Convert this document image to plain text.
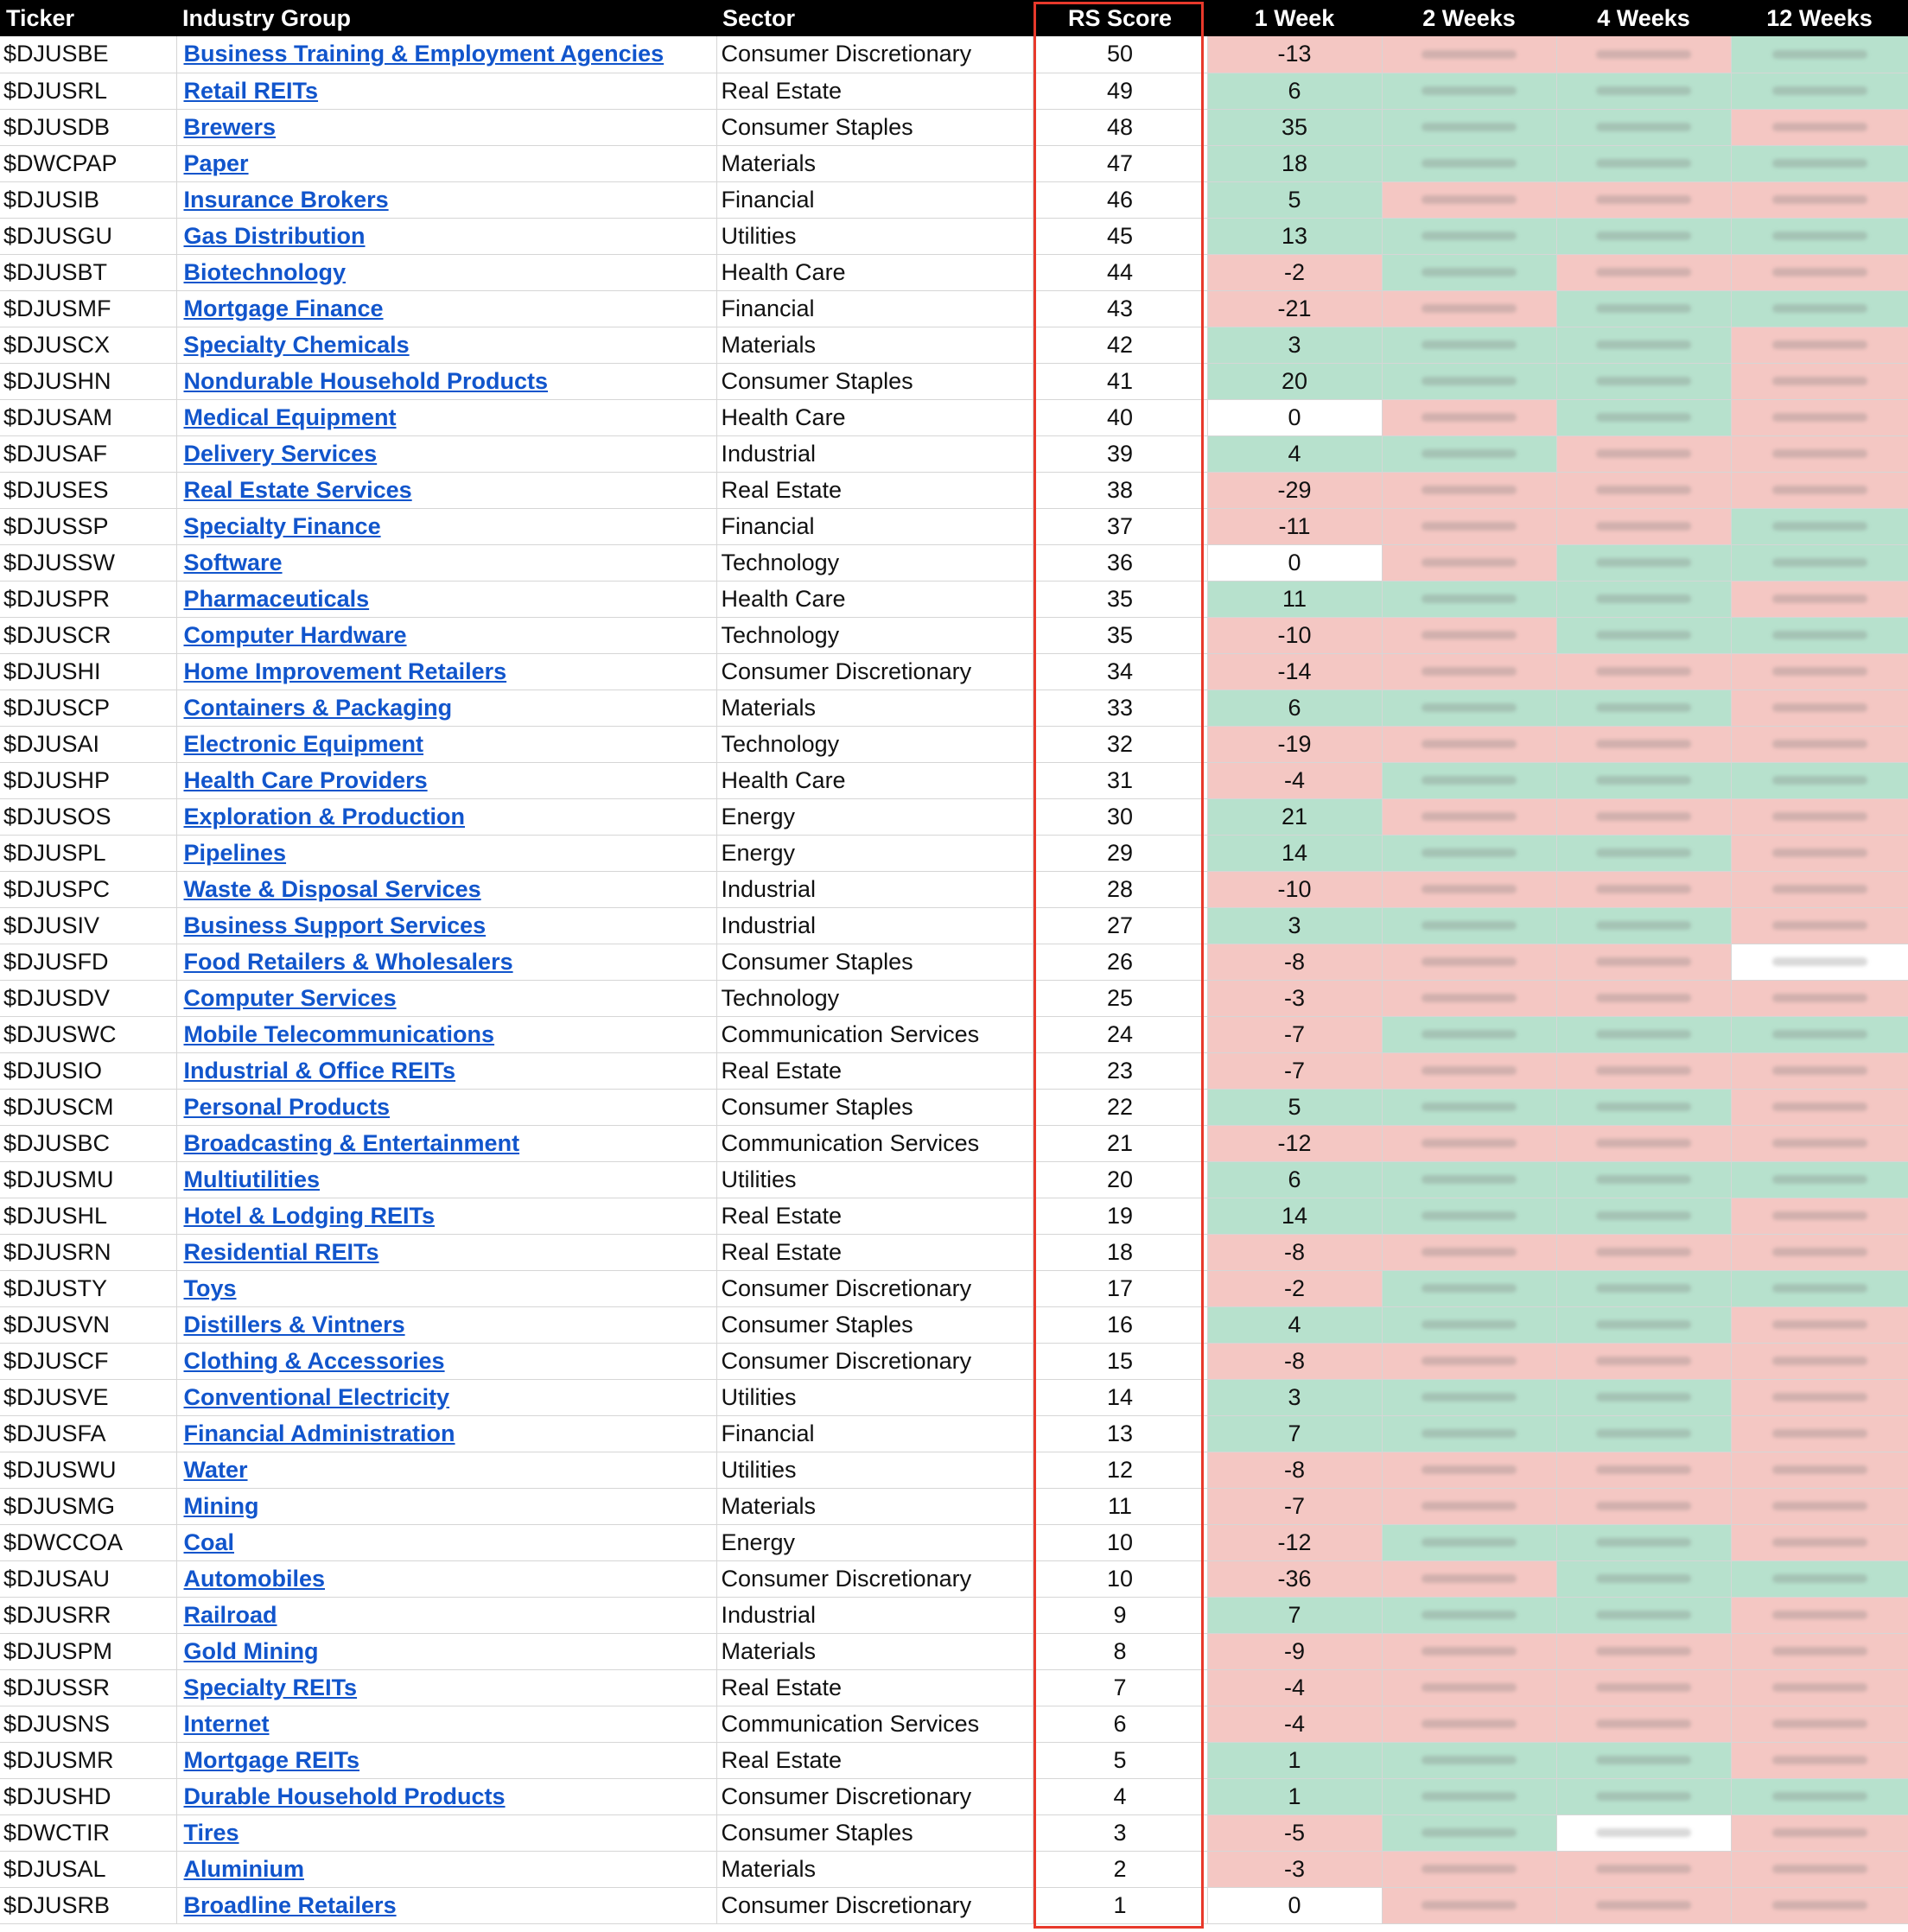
Ticker	Industry Group	Sector	RS Score	1 Week	2 Weeks	4 Weeks	12 Weeks
$DJUSBE	Business Training & Employment Agencies	Consumer Discretionary	50	-13	

$DJUSRL	Retail REITs	Real Estate	49	6	

$DJUSDB	Brewers	Consumer Staples	48	35	

$DWCPAP	Paper	Materials	47	18	

$DJUSIB	Insurance Brokers	Financial	46	5	

$DJUSGU	Gas Distribution	Utilities	45	13	

$DJUSBT	Biotechnology	Health Care	44	-2	

$DJUSMF	Mortgage Finance	Financial	43	-21	

$DJUSCX	Specialty Chemicals	Materials	42	3	

$DJUSHN	Nondurable Household Products	Consumer Staples	41	20	

$DJUSAM	Medical Equipment	Health Care	40	0	

$DJUSAF	Delivery Services	Industrial	39	4	

$DJUSES	Real Estate Services	Real Estate	38	-29	

$DJUSSP	Specialty Finance	Financial	37	-11	

$DJUSSW	Software	Technology	36	0	

$DJUSPR	Pharmaceuticals	Health Care	35	11	

$DJUSCR	Computer Hardware	Technology	35	-10	

$DJUSHI	Home Improvement Retailers	Consumer Discretionary	34	-14	

$DJUSCP	Containers & Packaging	Materials	33	6	

$DJUSAI	Electronic Equipment	Technology	32	-19	

$DJUSHP	Health Care Providers	Health Care	31	-4	

$DJUSOS	Exploration & Production	Energy	30	21	

$DJUSPL	Pipelines	Energy	29	14	

$DJUSPC	Waste & Disposal Services	Industrial	28	-10	

$DJUSIV	Business Support Services	Industrial	27	3	

$DJUSFD	Food Retailers & Wholesalers	Consumer Staples	26	-8	

$DJUSDV	Computer Services	Technology	25	-3	

$DJUSWC	Mobile Telecommunications	Communication Services	24	-7	

$DJUSIO	Industrial & Office REITs	Real Estate	23	-7	

$DJUSCM	Personal Products	Consumer Staples	22	5	

$DJUSBC	Broadcasting & Entertainment	Communication Services	21	-12	

$DJUSMU	Multiutilities	Utilities	20	6	

$DJUSHL	Hotel & Lodging REITs	Real Estate	19	14	

$DJUSRN	Residential REITs	Real Estate	18	-8	

$DJUSTY	Toys	Consumer Discretionary	17	-2	

$DJUSVN	Distillers & Vintners	Consumer Staples	16	4	

$DJUSCF	Clothing & Accessories	Consumer Discretionary	15	-8	

$DJUSVE	Conventional Electricity	Utilities	14	3	

$DJUSFA	Financial Administration	Financial	13	7	

$DJUSWU	Water	Utilities	12	-8	

$DJUSMG	Mining	Materials	11	-7	

$DWCCOA	Coal	Energy	10	-12	

$DJUSAU	Automobiles	Consumer Discretionary	10	-36	

$DJUSRR	Railroad	Industrial	9	7	

$DJUSPM	Gold Mining	Materials	8	-9	

$DJUSSR	Specialty REITs	Real Estate	7	-4	

$DJUSNS	Internet	Communication Services	6	-4	

$DJUSMR	Mortgage REITs	Real Estate	5	1	

$DJUSHD	Durable Household Products	Consumer Discretionary	4	1	

$DWCTIR	Tires	Consumer Staples	3	-5	

$DJUSAL	Aluminium	Materials	2	-3	

$DJUSRB	Broadline Retailers	Consumer Discretionary	1	0	
